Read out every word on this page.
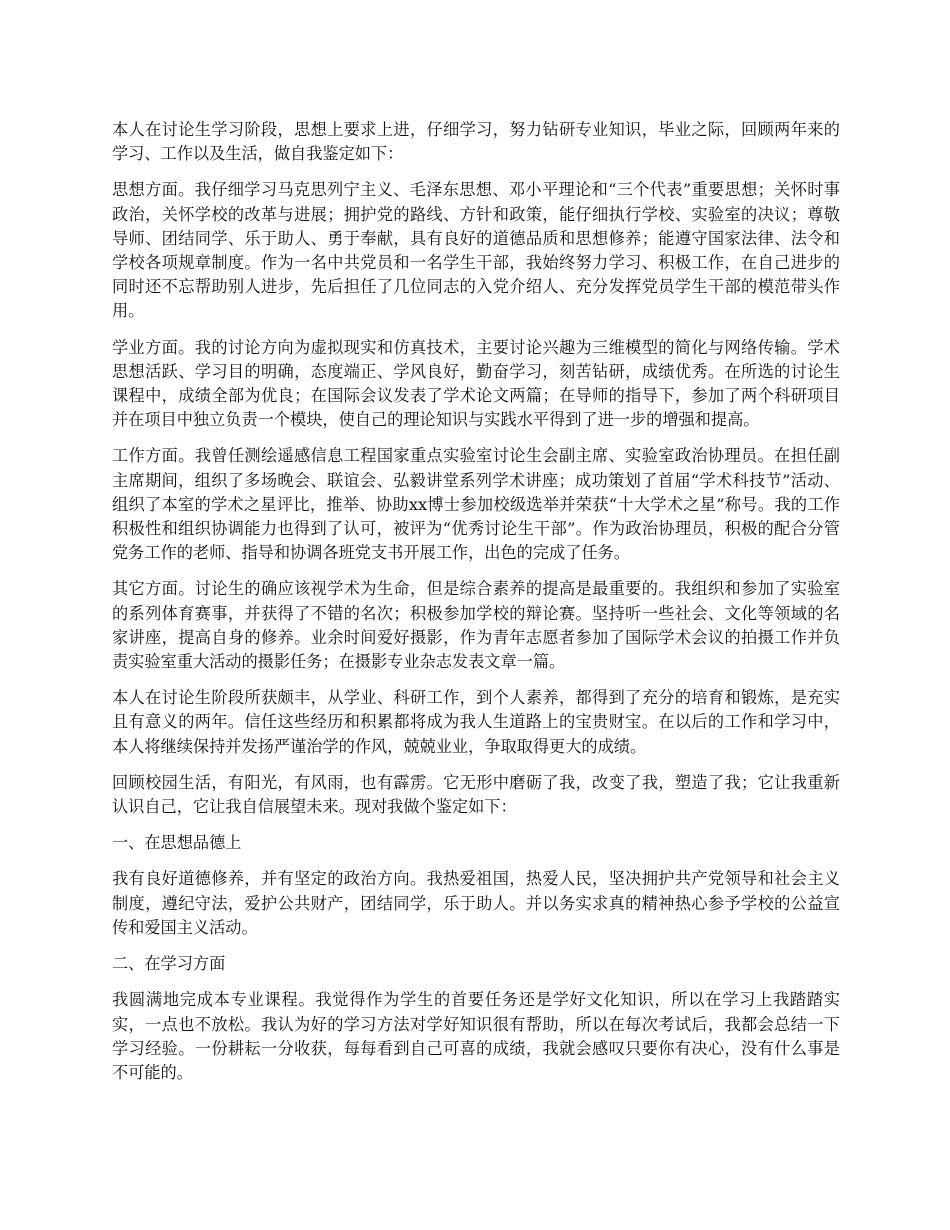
本人在讨论生学习阶段，思想上要求上进，仔细学习，努力钻研专业知识，毕业之际，回顾两年来的学习、工作以及生活，做自我鉴定如下：

思想方面。我仔细学习马克思列宁主义、毛泽东思想、邓小平理论和“三个代表”重要思想；关怀时事政治，关怀学校的改革与进展；拥护党的路线、方针和政策，能仔细执行学校、实验室的决议；尊敬导师、团结同学、乐于助人、勇于奉献，具有良好的道德品质和思想修养；能遵守国家法律、法令和学校各项规章制度。作为一名中共党员和一名学生干部，我始终努力学习、积极工作，在自己进步的同时还不忘帮助别人进步，先后担任了几位同志的入党介绍人、充分发挥党员学生干部的模范带头作用。

学业方面。我的讨论方向为虚拟现实和仿真技术，主要讨论兴趣为三维模型的简化与网络传输。学术思想活跃、学习目的明确，态度端正、学风良好，勤奋学习，刻苦钻研，成绩优秀。在所选的讨论生课程中，成绩全部为优良；在国际会议发表了学术论文两篇；在导师的指导下，参加了两个科研项目并在项目中独立负责一个模块，使自己的理论知识与实践水平得到了进一步的增强和提高。

工作方面。我曾任测绘遥感信息工程国家重点实验室讨论生会副主席、实验室政治协理员。在担任副主席期间，组织了多场晚会、联谊会、弘毅讲堂系列学术讲座；成功策划了首届“学术科技节”活动、组织了本室的学术之星评比，推举、协助xx博士参加校级选举并荣获“十大学术之星”称号。我的工作积极性和组织协调能力也得到了认可，被评为“优秀讨论生干部”。作为政治协理员，积极的配合分管党务工作的老师、指导和协调各班党支书开展工作，出色的完成了任务。

其它方面。讨论生的确应该视学术为生命，但是综合素养的提高是最重要的。我组织和参加了实验室的系列体育赛事，并获得了不错的名次；积极参加学校的辩论赛。坚持听一些社会、文化等领域的名家讲座，提高自身的修养。业余时间爱好摄影，作为青年志愿者参加了国际学术会议的拍摄工作并负责实验室重大活动的摄影任务；在摄影专业杂志发表文章一篇。

本人在讨论生阶段所获颇丰，从学业、科研工作，到个人素养，都得到了充分的培育和锻炼，是充实且有意义的两年。信任这些经历和积累都将成为我人生道路上的宝贵财宝。在以后的工作和学习中，本人将继续保持并发扬严谨治学的作风，兢兢业业，争取取得更大的成绩。

回顾校园生活，有阳光，有风雨，也有霹雳。它无形中磨砺了我，改变了我，塑造了我；它让我重新认识自己，它让我自信展望未来。现对我做个鉴定如下：

一、在思想品德上

我有良好道德修养，并有坚定的政治方向。我热爱祖国，热爱人民，坚决拥护共产党领导和社会主义制度，遵纪守法，爱护公共财产，团结同学，乐于助人。并以务实求真的精神热心参予学校的公益宣传和爱国主义活动。

二、在学习方面

我圆满地完成本专业课程。我觉得作为学生的首要任务还是学好文化知识，所以在学习上我踏踏实实，一点也不放松。我认为好的学习方法对学好知识很有帮助，所以在每次考试后，我都会总结一下学习经验。一份耕耘一分收获，每每看到自己可喜的成绩，我就会感叹只要你有决心，没有什么事是不可能的。
